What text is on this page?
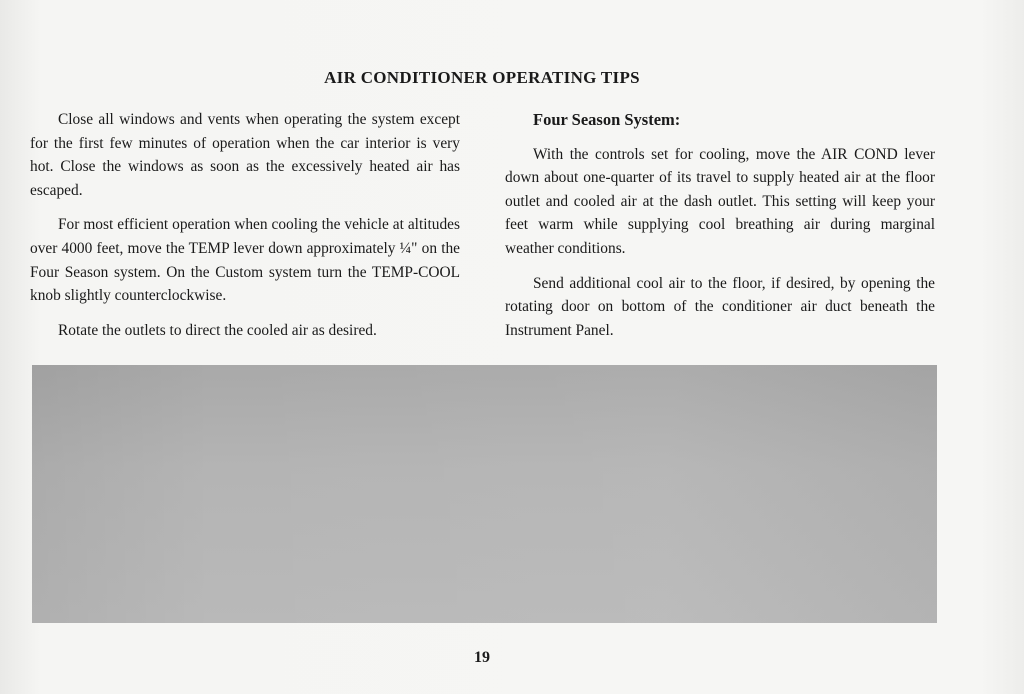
AIR CONDITIONER OPERATING TIPS

Close all windows and vents when operating the system except for the first few minutes of operation when the car interior is very hot. Close the windows as soon as the excessively heated air has escaped.

For most efficient operation when cooling the vehicle at altitudes over 4000 feet, move the TEMP lever down approximately ¼" on the Four Season system. On the Custom system turn the TEMP-COOL knob slightly counterclockwise.

Rotate the outlets to direct the cooled air as desired.

Four Season System:

With the controls set for cooling, move the AIR COND lever down about one-quarter of its travel to supply heated air at the floor outlet and cooled air at the dash outlet. This setting will keep your feet warm while supplying cool breathing air during marginal weather conditions.

Send additional cool air to the floor, if desired, by opening the rotating door on bottom of the conditioner air duct beneath the Instrument Panel.

19
